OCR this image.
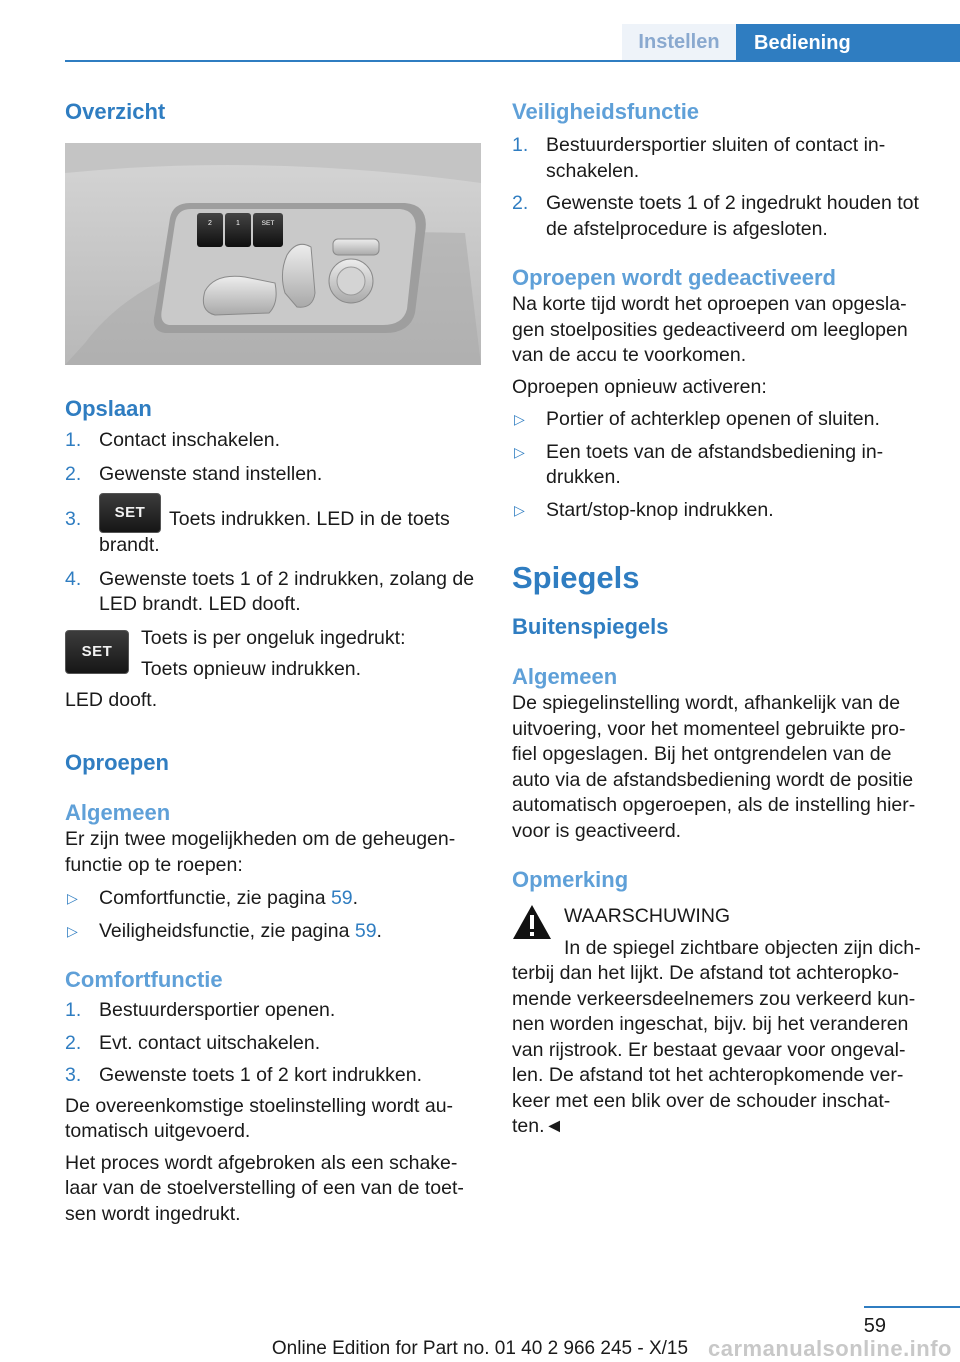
Instellen	Bediening
Overzicht
2	1	SET
Opslaan
1. Contact inschakelen.
2. Gewenste stand instellen.
3. SET Toets indrukken. LED in de toets brandt.
4. Gewenste toets 1 of 2 indrukken, zolang de LED brandt. LED dooft.
SET

Toets is per ongeluk ingedrukt:

Toets opnieuw indrukken.

LED dooft.

Oproepen
Algemeen

Er zijn twee mogelijkheden om de geheugen-functie op te roepen:

▷ Comfortfunctie, zie pagina 59.
▷ Veiligheidsfunctie, zie pagina 59.
Comfortfunctie
1. Bestuurdersportier openen.
2. Evt. contact uitschakelen.
3. Gewenste toets 1 of 2 kort indrukken.

De overeenkomstige stoelinstelling wordt au-tomatisch uitgevoerd.

Het proces wordt afgebroken als een schake-laar van de stoelverstelling of een van de toet-sen wordt ingedrukt.

Veiligheidsfunctie
1. Bestuurdersportier sluiten of contact in-schakelen.
2. Gewenste toets 1 of 2 ingedrukt houden tot de afstelprocedure is afgesloten.
Oproepen wordt gedeactiveerd

Na korte tijd wordt het oproepen van opgesla-gen stoelposities gedeactiveerd om leeglopen van de accu te voorkomen.

Oproepen opnieuw activeren:

▷ Portier of achterklep openen of sluiten.
▷ Een toets van de afstandsbediening in-drukken.
▷ Start/stop-knop indrukken.
Spiegels
Buitenspiegels
Algemeen

De spiegelinstelling wordt, afhankelijk van de uitvoering, voor het momenteel gebruikte pro-fiel opgeslagen. Bij het ontgrendelen van de auto via de afstandsbediening wordt de positie automatisch opgeroepen, als de instelling hier-voor is geactiveerd.

Opmerking

WAARSCHUWING

In de spiegel zichtbare objecten zijn dich-terbij dan het lijkt. De afstand tot achteropko-mende verkeersdeelnemers zou verkeerd kun-nen worden ingeschat, bijv. bij het veranderen van rijstrook. Er bestaat gevaar voor ongeval-len. De afstand tot het achteropkomende ver-keer met een blik over de schouder inschat-ten.◄

59
Online Edition for Part no. 01 40 2 966 245 - X/15 carmanualsonline.info
